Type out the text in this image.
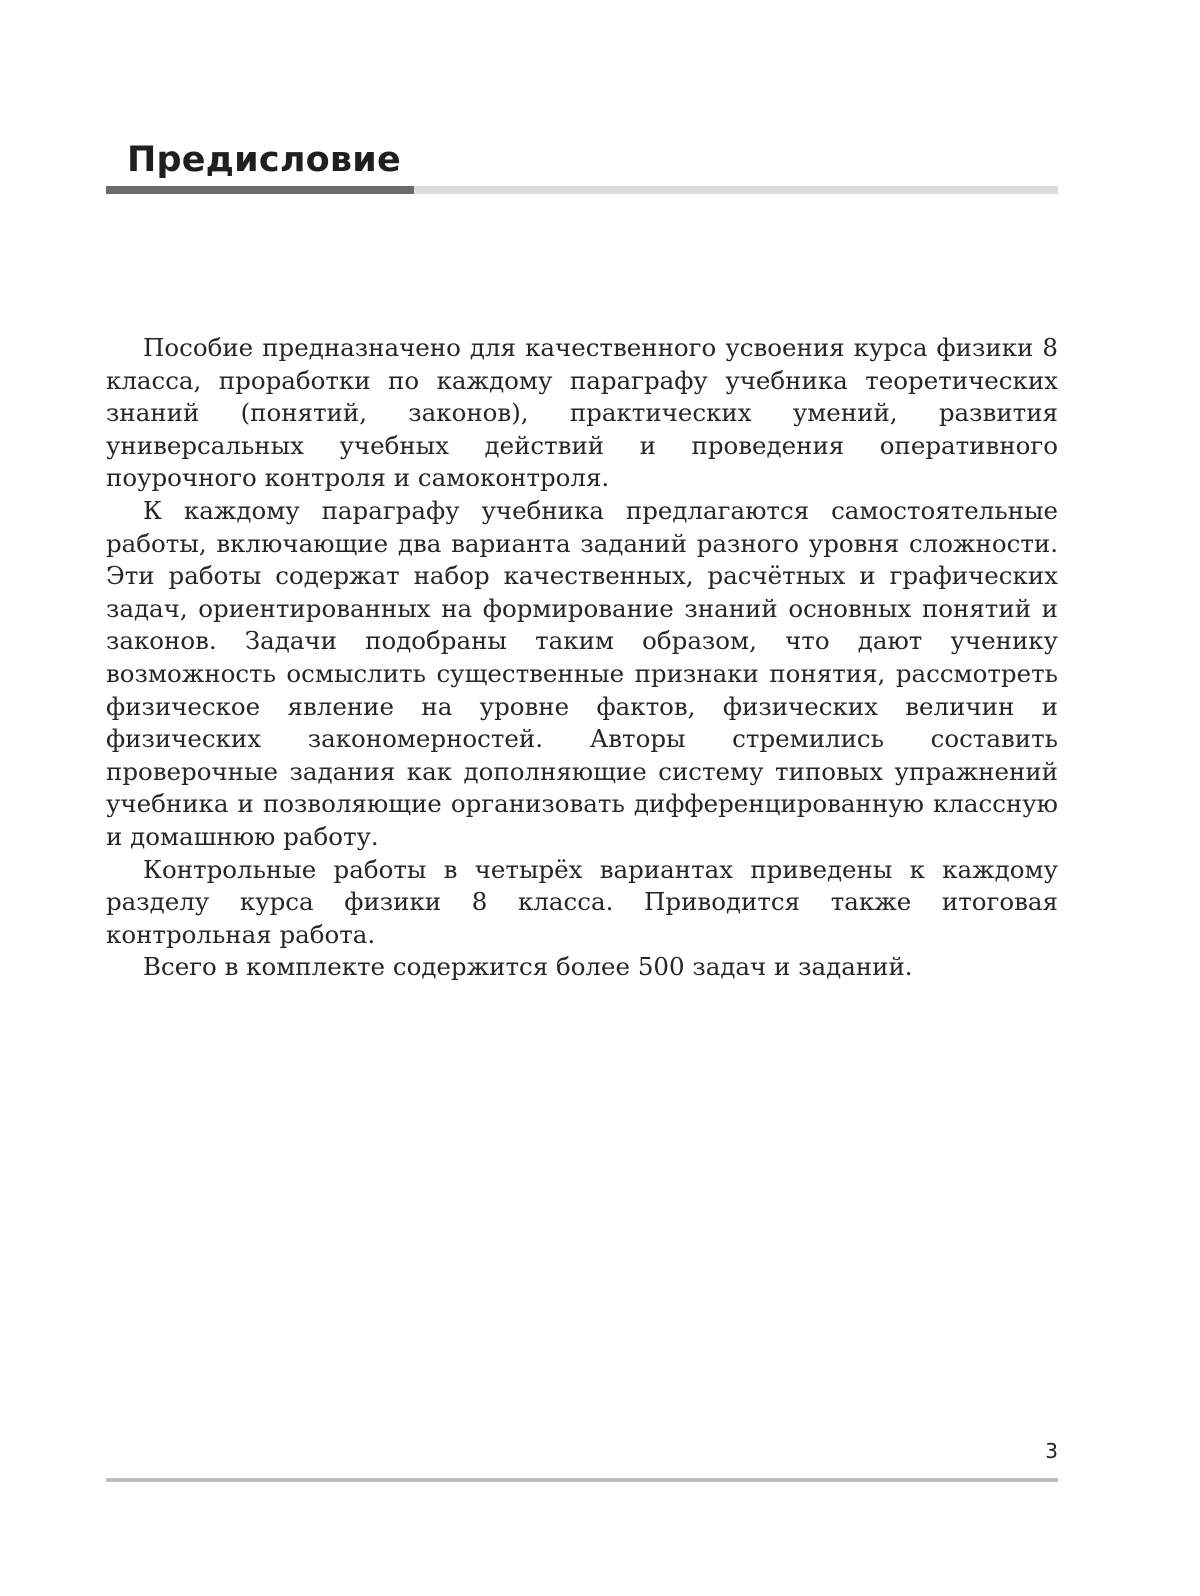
Предисловие

Пособие предназначено для качественного усвоения курса физики 8 класса, проработки по каждому параграфу учебника теоретических знаний (понятий, законов), практических умений, развития универсальных учебных действий и проведения оперативного поурочного контроля и самоконтроля.

К каждому параграфу учебника предлагаются самостоятельные работы, включающие два варианта заданий разного уровня сложности. Эти работы содержат набор качественных, расчётных и графических задач, ориентированных на формирование знаний основных понятий и законов. Задачи подобраны таким образом, что дают ученику возможность осмыслить существенные признаки понятия, рассмотреть физическое явление на уровне фактов, физических величин и физических закономерностей. Авторы стремились составить проверочные задания как дополняющие систему типовых упражнений учебника и позволяющие организовать дифференцированную классную и домашнюю работу.

Контрольные работы в четырёх вариантах приведены к каждому разделу курса физики 8 класса. Приводится также итоговая контрольная работа.

Всего в комплекте содержится более 500 задач и заданий.

3
